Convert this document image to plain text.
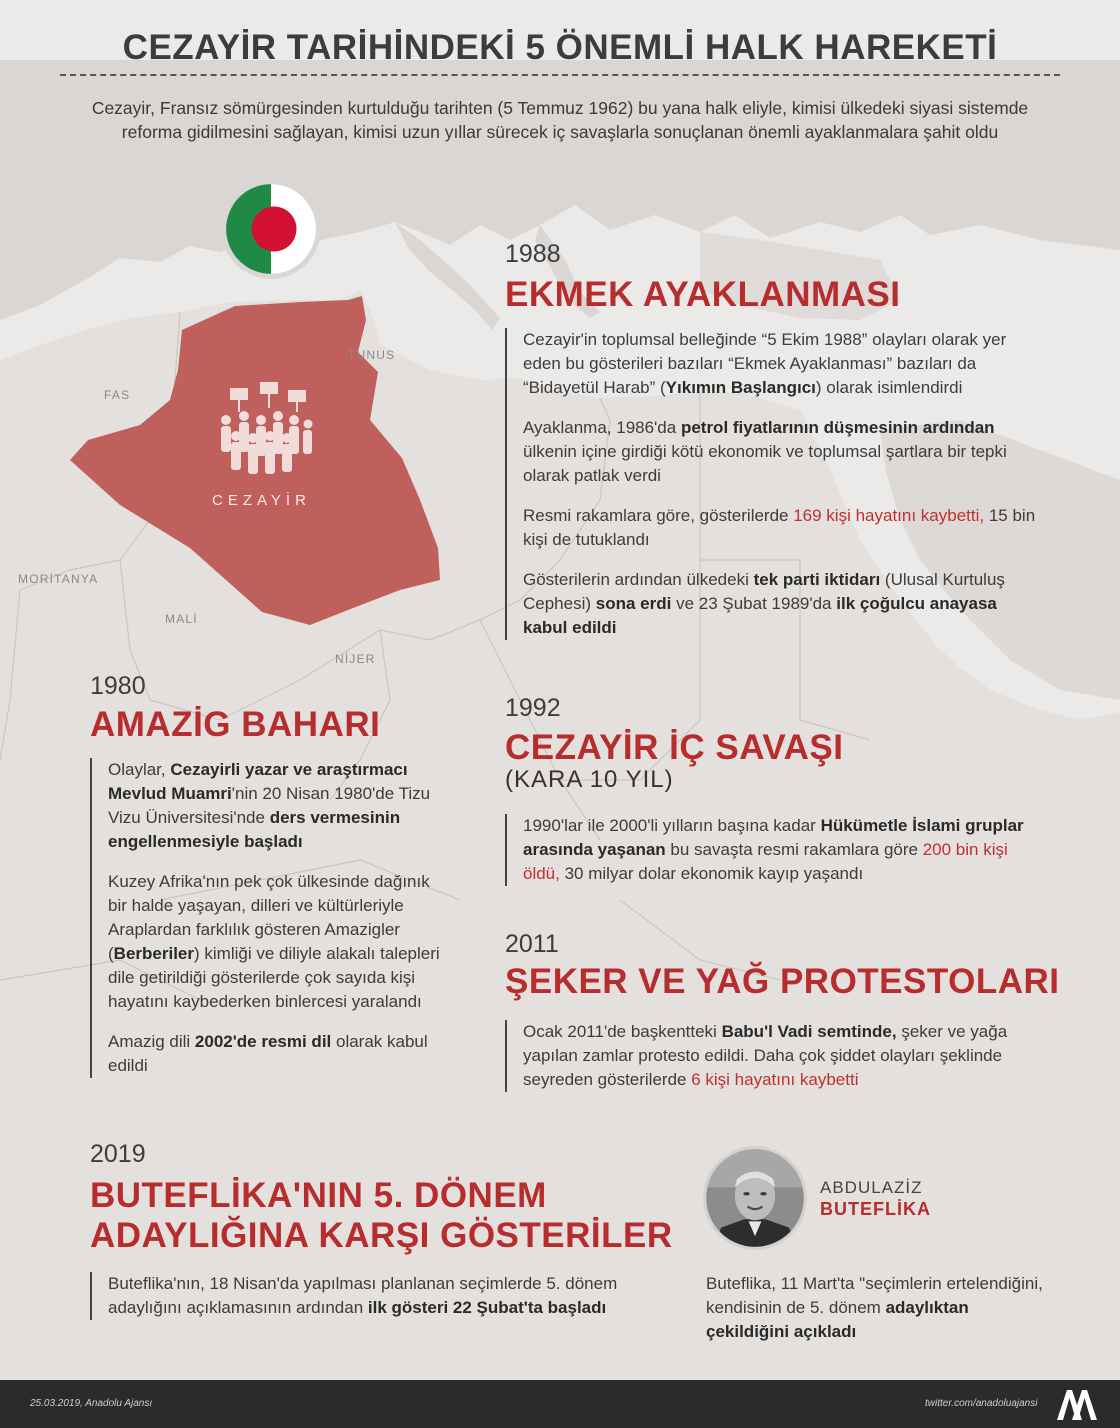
CEZAYİR TARİHİNDEKİ 5 ÖNEMLİ HALK HAREKETİ
Cezayir, Fransız sömürgesinden kurtulduğu tarihten (5 Temmuz 1962) bu yana halk eliyle, kimisi ülkedeki siyasi sistemde reforma gidilmesini sağlayan, kimisi uzun yıllar sürecek iç savaşlarla sonuçlanan önemli ayaklanmalara şahit oldu
CEZAYİR
FAS
TUNUS
MORİTANYA
MALİ
NİJER
1988
EKMEK AYAKLANMASI

Cezayir'in toplumsal belleğinde “5 Ekim 1988” olayları olarak yer eden bu gösterileri bazıları “Ekmek Ayaklanması” bazıları da “Bidayetül Harab” (Yıkımın Başlangıcı) olarak isimlendirdi

Ayaklanma, 1986'da petrol fiyatlarının düşmesinin ardından ülkenin içine girdiği kötü ekonomik ve toplumsal şartlara bir tepki olarak patlak verdi

Resmi rakamlara göre, gösterilerde 169 kişi hayatını kaybetti, 15 bin kişi de tutuklandı

Gösterilerin ardından ülkedeki tek parti iktidarı (Ulusal Kurtuluş Cephesi) sona erdi ve 23 Şubat 1989'da ilk çoğulcu anayasa kabul edildi

1980
AMAZİG BAHARI

Olaylar, Cezayirli yazar ve araştırmacı Mevlud Muamri'nin 20 Nisan 1980'de Tizu Vizu Üniversitesi'nde ders vermesinin engellenmesiyle başladı

Kuzey Afrika'nın pek çok ülkesinde dağınık bir halde yaşayan, dilleri ve kültürleriyle Araplardan farklılık gösteren Amazigler (Berberiler) kimliği ve diliyle alakalı talepleri dile getirildiği gösterilerde çok sayıda kişi hayatını kaybederken binlercesi yaralandı

Amazig dili 2002'de resmi dil olarak kabul edildi

1992
CEZAYİR İÇ SAVAŞI
(KARA 10 YIL)

1990'lar ile 2000'li yılların başına kadar Hükümetle İslami gruplar arasında yaşanan bu savaşta resmi rakamlara göre 200 bin kişi öldü, 30 milyar dolar ekonomik kayıp yaşandı

2011
ŞEKER VE YAĞ PROTESTOLARI

Ocak 2011'de başkentteki Babu'l Vadi semtinde, şeker ve yağa yapılan zamlar protesto edildi. Daha çok şiddet olayları şeklinde seyreden gösterilerde 6 kişi hayatını kaybetti

2019
BUTEFLİKA'NIN 5. DÖNEM
ADAYLIĞINA KARŞI GÖSTERİLER

Buteflika'nın, 18 Nisan'da yapılması planlanan seçimlerde 5. dönem adaylığını açıklamasının ardından ilk gösteri 22 Şubat'ta başladı

ABDULAZİZ
BUTEFLİKA
Buteflika, 11 Mart'ta "seçimlerin ertelendiğini, kendisinin de 5. dönem adaylıktan çekildiğini açıkladı
25.03.2019, Anadolu Ajansı	twitter.com/anadoluajansi
